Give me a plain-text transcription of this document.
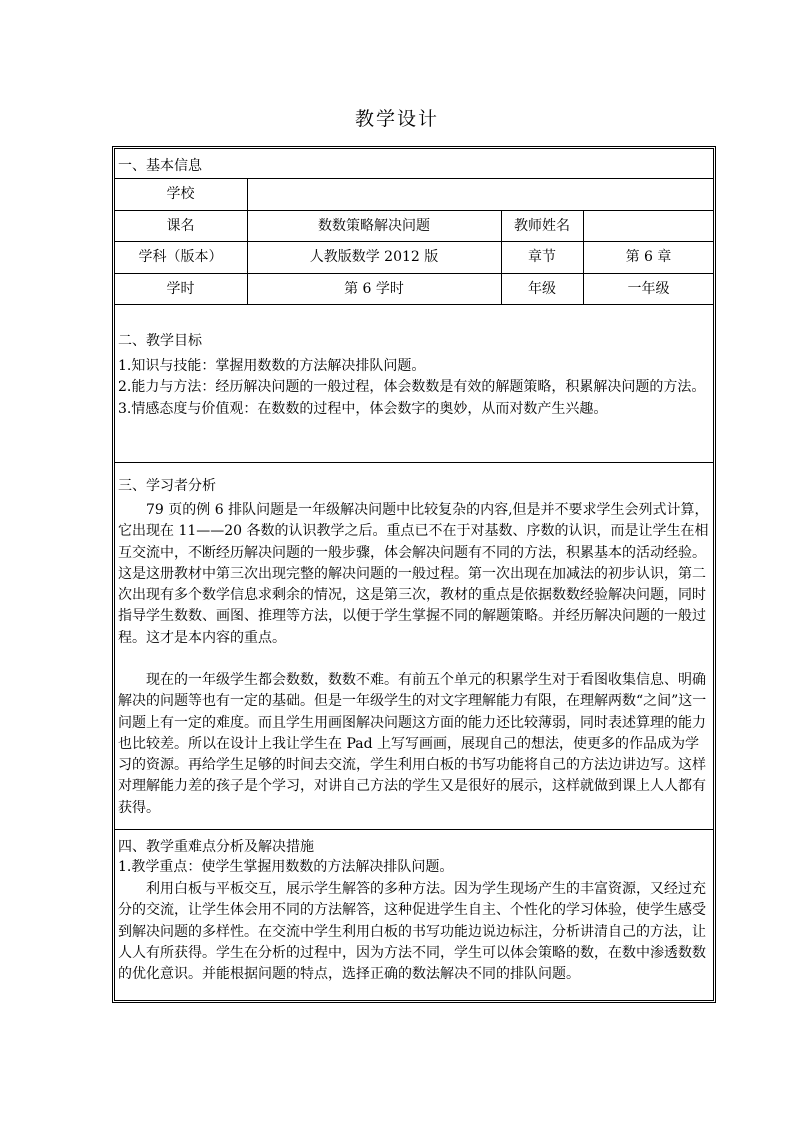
教学设计
一、基本信息
学校
课名	数数策略解决问题	教师姓名
学科（版本）	人教版数学 2012 版	章节	第 6 章
学时	第 6 学时	年级	一年级
二、教学目标
1.知识与技能：掌握用数数的方法解决排队问题。
2.能力与方法：经历解决问题的一般过程，体会数数是有效的解题策略，积累解决问题的方法。
3.情感态度与价值观：在数数的过程中，体会数字的奥妙，从而对数产生兴趣。
三、学习者分析
79 页的例 6 排队问题是一年级解决问题中比较复杂的内容,但是并不要求学生会列式计算，它出现在 11——20 各数的认识教学之后。重点已不在于对基数、序数的认识，而是让学生在相互交流中，不断经历解决问题的一般步骤，体会解决问题有不同的方法，积累基本的活动经验。这是这册教材中第三次出现完整的解决问题的一般过程。第一次出现在加减法的初步认识，第二次出现有多个数学信息求剩余的情况，这是第三次，教材的重点是依据数数经验解决问题，同时指导学生数数、画图、推理等方法，以便于学生掌握不同的解题策略。并经历解决问题的一般过程。这才是本内容的重点。
现在的一年级学生都会数数，数数不难。有前五个单元的积累学生对于看图收集信息、明确解决的问题等也有一定的基础。但是一年级学生的对文字理解能力有限，在理解两数“之间”这一问题上有一定的难度。而且学生用画图解决问题这方面的能力还比较薄弱，同时表述算理的能力也比较差。所以在设计上我让学生在 Pad 上写写画画，展现自己的想法，使更多的作品成为学习的资源。再给学生足够的时间去交流，学生利用白板的书写功能将自己的方法边讲边写。这样对理解能力差的孩子是个学习，对讲自己方法的学生又是很好的展示，这样就做到课上人人都有获得。
四、教学重难点分析及解决措施
1.教学重点：使学生掌握用数数的方法解决排队问题。
利用白板与平板交互，展示学生解答的多种方法。因为学生现场产生的丰富资源，又经过充分的交流，让学生体会用不同的方法解答，这种促进学生自主、个性化的学习体验，使学生感受到解决问题的多样性。在交流中学生利用白板的书写功能边说边标注，分析讲清自己的方法，让人人有所获得。学生在分析的过程中，因为方法不同，学生可以体会策略的数，在数中渗透数数的优化意识。并能根据问题的特点，选择正确的数法解决不同的排队问题。
